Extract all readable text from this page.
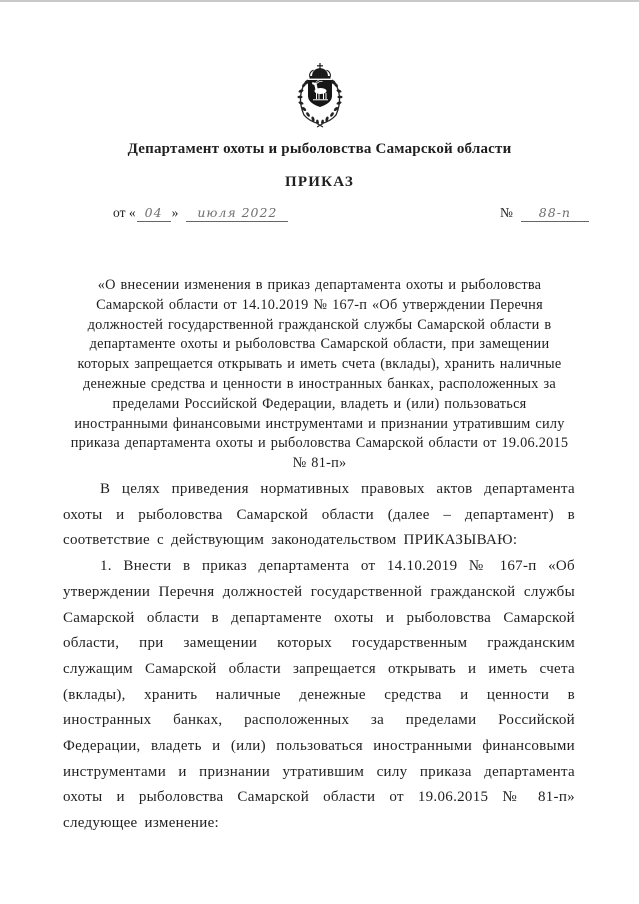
Департамент охоты и рыболовства Самарской области
ПРИКАЗ
от « 04 » июля 2022	№ 88-п
«О внесении изменения в приказ департамента охоты и рыболовства Самарской области от 14.10.2019 № 167-п «Об утверждении Перечня должностей государственной гражданской службы Самарской области в департаменте охоты и рыболовства Самарской области, при замещении которых запрещается открывать и иметь счета (вклады), хранить наличные денежные средства и ценности в иностранных банках, расположенных за пределами Российской Федерации, владеть и (или) пользоваться иностранными финансовыми инструментами и признании утратившим силу приказа департамента охоты и рыболовства Самарской области от 19.06.2015 № 81-п»

В целях приведения нормативных правовых актов департамента охоты и рыболовства Самарской области (далее – департамент) в соответствие с действующим законодательством ПРИКАЗЫВАЮ:

1. Внести в приказ департамента от 14.10.2019 № 167-п «Об утверждении Перечня должностей государственной гражданской службы Самарской области в департаменте охоты и рыболовства Самарской области, при замещении которых государственным гражданским служащим Самарской области запрещается открывать и иметь счета (вклады), хранить наличные денежные средства и ценности в иностранных банках, расположенных за пределами Российской Федерации, владеть и (или) пользоваться иностранными финансовыми инструментами и признании утратившим силу приказа департамента охоты и рыболовства Самарской области от 19.06.2015 № 81-п» следующее изменение:
